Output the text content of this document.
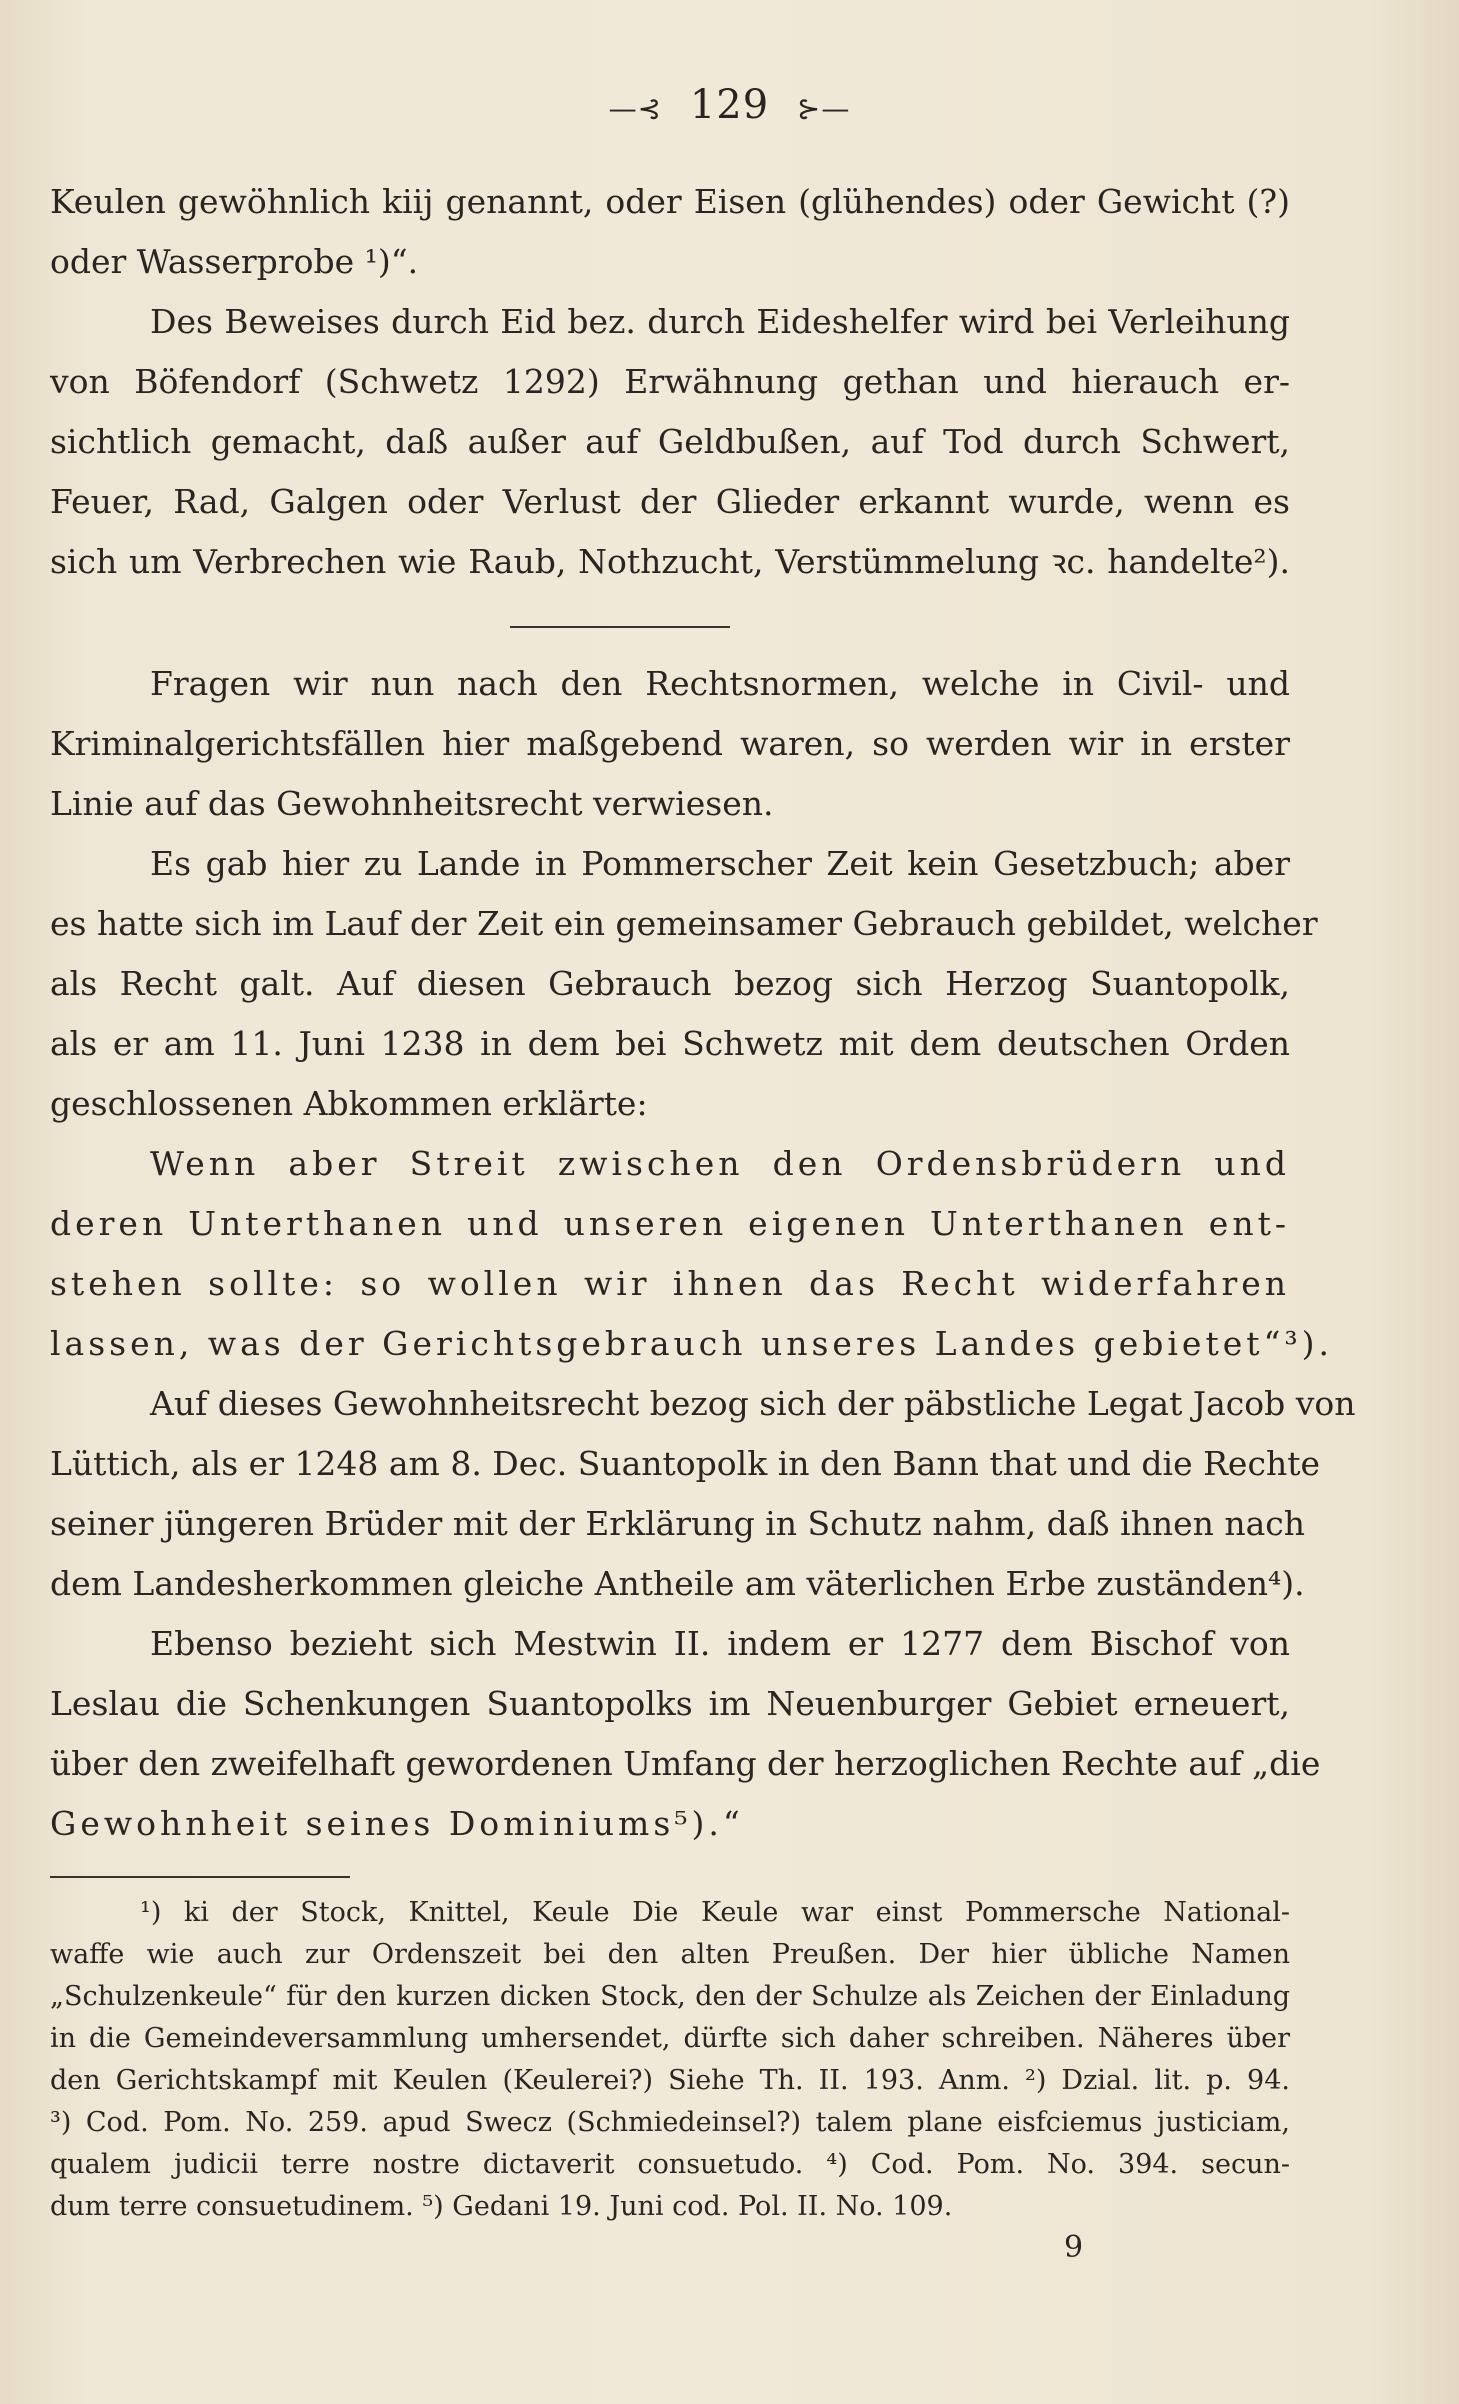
—⊰ 129 ⊱—
Keulen gewöhnlich kiij genannt, oder Eisen (glühendes) oder Gewicht (?)
oder Wasserprobe ¹)“.
Des Beweises durch Eid bez. durch Eideshelfer wird bei Verleihung
von Böfendorf (Schwetz 1292) Erwähnung gethan und hierauch er-
sichtlich gemacht, daß außer auf Geldbußen, auf Tod durch Schwert,
Feuer, Rad, Galgen oder Verlust der Glieder erkannt wurde, wenn es
sich um Verbrechen wie Raub, Nothzucht, Verstümmelung ꝛc. handelte²).
Fragen wir nun nach den Rechtsnormen, welche in Civil- und
Kriminalgerichtsfällen hier maßgebend waren, so werden wir in erster
Linie auf das Gewohnheitsrecht verwiesen.
Es gab hier zu Lande in Pommerscher Zeit kein Gesetzbuch; aber
es hatte sich im Lauf der Zeit ein gemeinsamer Gebrauch gebildet, welcher
als Recht galt. Auf diesen Gebrauch bezog sich Herzog Suantopolk,
als er am 11. Juni 1238 in dem bei Schwetz mit dem deutschen Orden
geschlossenen Abkommen erklärte:
Wenn aber Streit zwischen den Ordensbrüdern und
deren Unterthanen und unseren eigenen Unterthanen ent-
stehen sollte: so wollen wir ihnen das Recht widerfahren
lassen, was der Gerichtsgebrauch unseres Landes gebietet“³).
Auf dieses Gewohnheitsrecht bezog sich der päbstliche Legat Jacob von
Lüttich, als er 1248 am 8. Dec. Suantopolk in den Bann that und die Rechte
seiner jüngeren Brüder mit der Erklärung in Schutz nahm, daß ihnen nach
dem Landesherkommen gleiche Antheile am väterlichen Erbe zuständen⁴).
Ebenso bezieht sich Mestwin II. indem er 1277 dem Bischof von
Leslau die Schenkungen Suantopolks im Neuenburger Gebiet erneuert,
über den zweifelhaft gewordenen Umfang der herzoglichen Rechte auf „die
Gewohnheit seines Dominiums⁵).“
¹) ki der Stock, Knittel, Keule Die Keule war einst Pommersche National-
waffe wie auch zur Ordenszeit bei den alten Preußen. Der hier übliche Namen
„Schulzenkeule“ für den kurzen dicken Stock, den der Schulze als Zeichen der Einladung
in die Gemeindeversammlung umhersendet, dürfte sich daher schreiben. Näheres über
den Gerichtskampf mit Keulen (Keulerei?) Siehe Th. II. 193. Anm. ²) Dzial. lit. p. 94.
³) Cod. Pom. No. 259. apud Swecz (Schmiedeinsel?) talem plane eisfciemus justiciam,
qualem judicii terre nostre dictaverit consuetudo. ⁴) Cod. Pom. No. 394. secun-
dum terre consuetudinem. ⁵) Gedani 19. Juni cod. Pol. II. No. 109.
9
